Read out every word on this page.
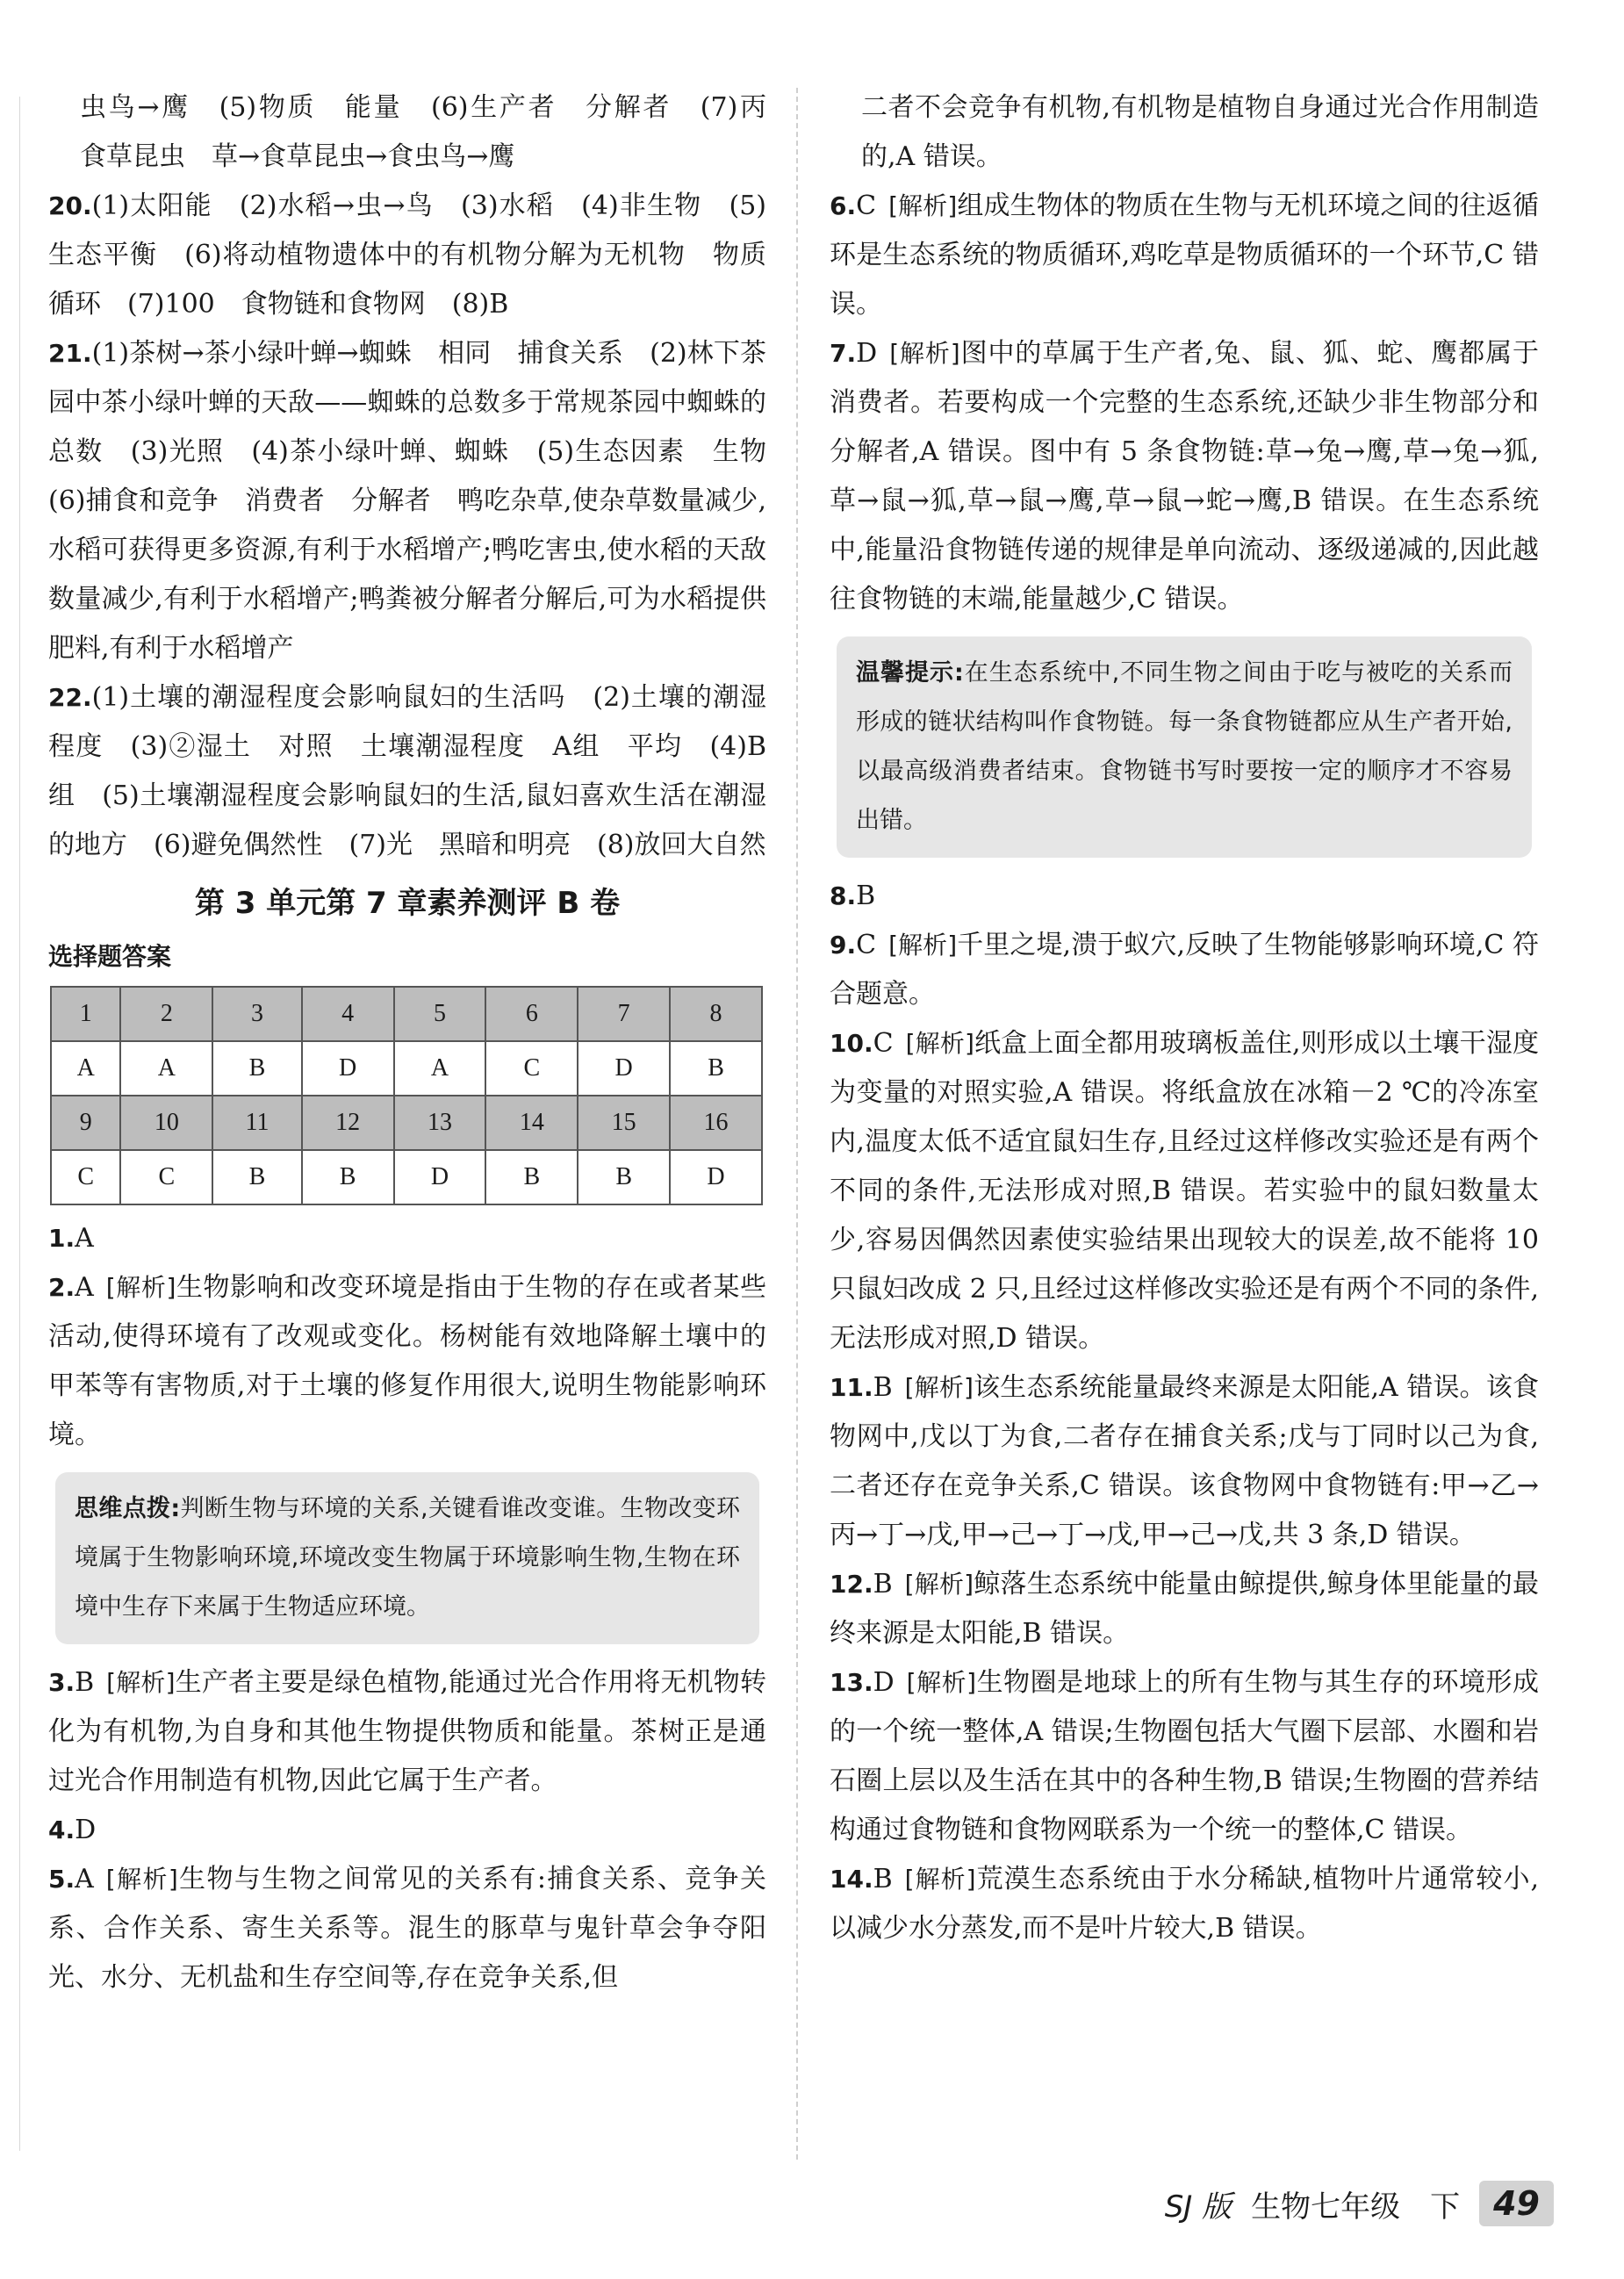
虫鸟→鹰　(5)物质　能量　(6)生产者　分解者　(7)丙　食草昆虫　草→食草昆虫→食虫鸟→鹰
20.(1)太阳能　(2)水稻→虫→鸟　(3)水稻　(4)非生物　(5)生态平衡　(6)将动植物遗体中的有机物分解为无机物　物质循环　(7)100　食物链和食物网　(8)B
21.(1)茶树→茶小绿叶蝉→蜘蛛　相同　捕食关系　(2)林下茶园中茶小绿叶蝉的天敌——蜘蛛的总数多于常规茶园中蜘蛛的总数　(3)光照　(4)茶小绿叶蝉、蜘蛛　(5)生态因素　生物　(6)捕食和竞争　消费者　分解者　鸭吃杂草,使杂草数量减少,水稻可获得更多资源,有利于水稻增产;鸭吃害虫,使水稻的天敌数量减少,有利于水稻增产;鸭粪被分解者分解后,可为水稻提供肥料,有利于水稻增产
22.(1)土壤的潮湿程度会影响鼠妇的生活吗　(2)土壤的潮湿程度　(3)②湿土　对照　土壤潮湿程度　A组　平均　(4)B组　(5)土壤潮湿程度会影响鼠妇的生活,鼠妇喜欢生活在潮湿的地方　(6)避免偶然性　(7)光　黑暗和明亮　(8)放回大自然
第 3 单元第 7 章素养测评 B 卷
选择题答案
1	2	3	4	5	6	7	8
A	A	B	D	A	C	D	B
9	10	11	12	13	14	15	16
C	C	B	B	D	B	B	D
1.A
2.A [解析]生物影响和改变环境是指由于生物的存在或者某些活动,使得环境有了改观或变化。杨树能有效地降解土壤中的甲苯等有害物质,对于土壤的修复作用很大,说明生物能影响环境。
思维点拨:判断生物与环境的关系,关键看谁改变谁。生物改变环境属于生物影响环境,环境改变生物属于环境影响生物,生物在环境中生存下来属于生物适应环境。
3.B [解析]生产者主要是绿色植物,能通过光合作用将无机物转化为有机物,为自身和其他生物提供物质和能量。茶树正是通过光合作用制造有机物,因此它属于生产者。
4.D
5.A [解析]生物与生物之间常见的关系有:捕食关系、竞争关系、合作关系、寄生关系等。混生的豚草与鬼针草会争夺阳光、水分、无机盐和生存空间等,存在竞争关系,但
二者不会竞争有机物,有机物是植物自身通过光合作用制造的,A 错误。
6.C [解析]组成生物体的物质在生物与无机环境之间的往返循环是生态系统的物质循环,鸡吃草是物质循环的一个环节,C 错误。
7.D [解析]图中的草属于生产者,兔、鼠、狐、蛇、鹰都属于消费者。若要构成一个完整的生态系统,还缺少非生物部分和分解者,A 错误。图中有 5 条食物链:草→兔→鹰,草→兔→狐,草→鼠→狐,草→鼠→鹰,草→鼠→蛇→鹰,B 错误。在生态系统中,能量沿食物链传递的规律是单向流动、逐级递减的,因此越往食物链的末端,能量越少,C 错误。
温馨提示:在生态系统中,不同生物之间由于吃与被吃的关系而形成的链状结构叫作食物链。每一条食物链都应从生产者开始,以最高级消费者结束。食物链书写时要按一定的顺序才不容易出错。
8.B
9.C [解析]千里之堤,溃于蚁穴,反映了生物能够影响环境,C 符合题意。
10.C [解析]纸盒上面全都用玻璃板盖住,则形成以土壤干湿度为变量的对照实验,A 错误。将纸盒放在冰箱－2 ℃的冷冻室内,温度太低不适宜鼠妇生存,且经过这样修改实验还是有两个不同的条件,无法形成对照,B 错误。若实验中的鼠妇数量太少,容易因偶然因素使实验结果出现较大的误差,故不能将 10 只鼠妇改成 2 只,且经过这样修改实验还是有两个不同的条件,无法形成对照,D 错误。
11.B [解析]该生态系统能量最终来源是太阳能,A 错误。该食物网中,戊以丁为食,二者存在捕食关系;戊与丁同时以己为食,二者还存在竞争关系,C 错误。该食物网中食物链有:甲→乙→丙→丁→戊,甲→己→丁→戊,甲→己→戊,共 3 条,D 错误。
12.B [解析]鲸落生态系统中能量由鲸提供,鲸身体里能量的最终来源是太阳能,B 错误。
13.D [解析]生物圈是地球上的所有生物与其生存的环境形成的一个统一整体,A 错误;生物圈包括大气圈下层部、水圈和岩石圈上层以及生活在其中的各种生物,B 错误;生物圈的营养结构通过食物链和食物网联系为一个统一的整体,C 错误。
14.B [解析]荒漠生态系统由于水分稀缺,植物叶片通常较小,以减少水分蒸发,而不是叶片较大,B 错误。
SJ 版 生物七年级　下	49
